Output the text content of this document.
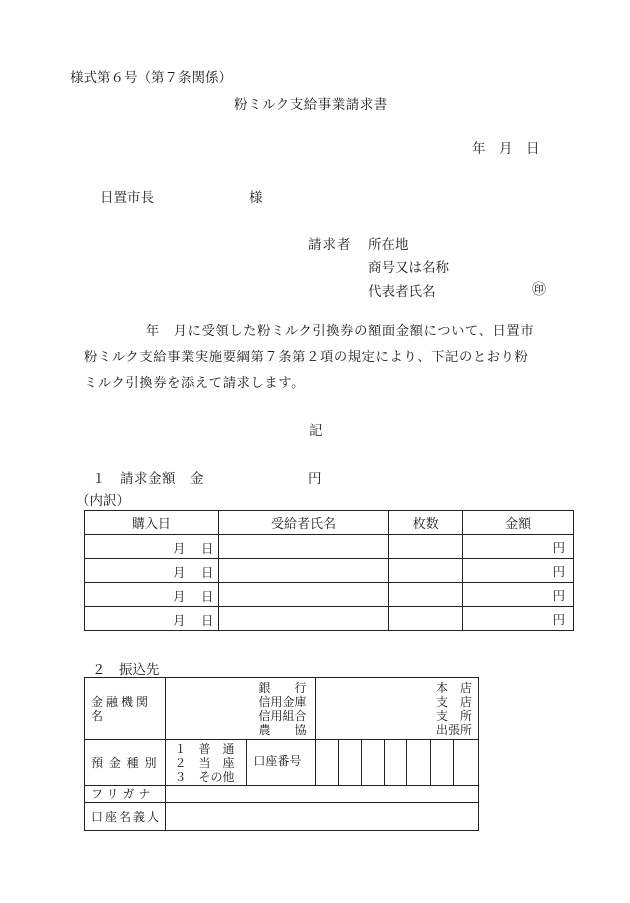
様式第６号（第７条関係）
粉ミルク支給事業請求書
年　月　日
日置市長	様
請求者 所在地
商号又は名称
代表者氏名	㊞
　年　月に受領した粉ミルク引換券の額面金額について、日置市
粉ミルク支給事業実施要綱第７条第２項の規定により、下記のとおり粉
ミルク引換券を添えて請求します。
記
１　請求金額　金	円
（内訳）
購入日	受給者氏名	枚数	金額

月 日			円

月 日			円

月 日			円

月 日			円
２　振込先
金融機関名	銀　　行
信用金庫
信用組合
農　　協		本　店
支　店
支　所
出張所						

預 金 種 別	１　普　通
２　当　座
３　その他	口座番号							
フリガナ									
口座名義人									
